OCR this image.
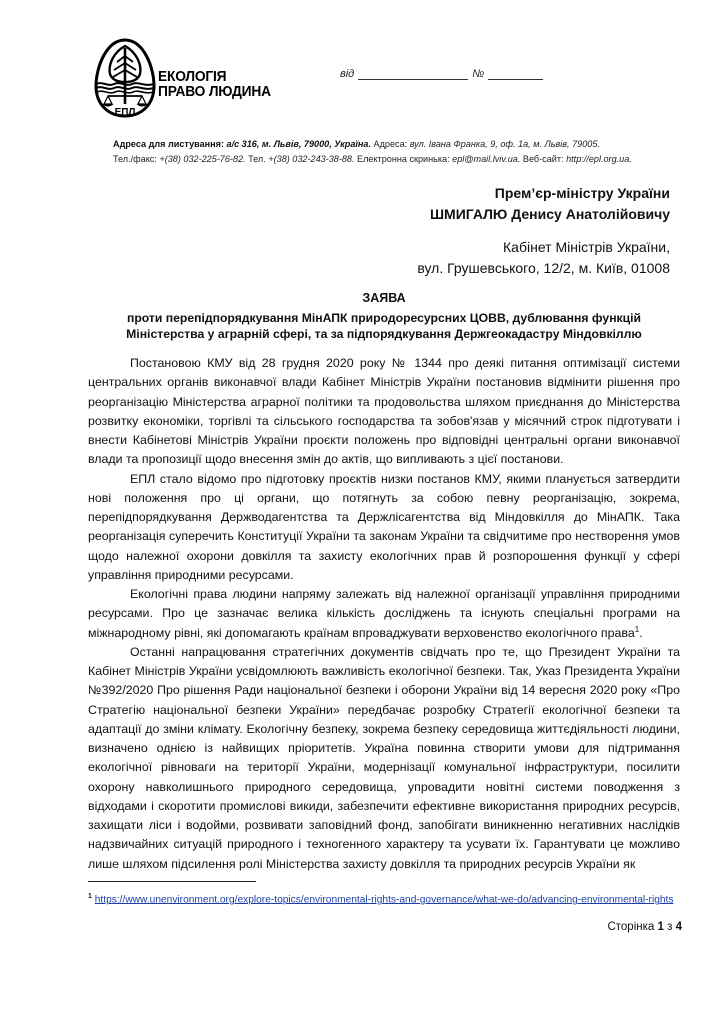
ЕПЛ
ЕКОЛОГІЯ
ПРАВО ЛЮДИНА
від	№
Адреса для листування: а/с 316, м. Львів, 79000, Україна. Адреса: вул. Івана Франка, 9, оф. 1а, м. Львів, 79005.
Тел./факс: +(38) 032-225-76-82. Тел. +(38) 032-243-38-88. Електронна скринька: epl@mail.lviv.ua. Веб-сайт: http://epl.org.ua.
Прем’єр-міністру України
ШМИГАЛЮ Денису Анатолійовичу
Кабінет Міністрів України,
вул. Грушевського, 12/2, м. Київ, 01008
ЗАЯВА
проти перепідпорядкування МінАПК природоресурсних ЦОВВ, дублювання функцій
Міністерства у аграрній сфері, та за підпорядкування Держгеокадастру Міндовкіллю

Постановою КМУ від 28 грудня 2020 року № 1344 про деякі питання оптимізації системи центральних органів виконавчої влади Кабінет Міністрів України постановив відмінити рішення про реорганізацію Міністерства аграрної політики та продовольства шляхом приєднання до Міністерства розвитку економіки, торгівлі та сільського господарства та зобов'язав у місячний строк підготувати і внести Кабінетові Міністрів України проєкти положень про відповідні центральні органи виконавчої влади та пропозиції щодо внесення змін до актів, що випливають з цієї постанови.

ЕПЛ стало відомо про підготовку проєктів низки постанов КМУ, якими планується затвердити нові положення про ці органи, що потягнуть за собою певну реорганізацію, зокрема, перепідпорядкування Держводагентства та Держлісагентства від Міндовкілля до МінАПК. Така реорганізація суперечить Конституції України та законам України та свідчитиме про нестворення умов щодо належної охорони довкілля та захисту екологічних прав й розпорошення функції у сфері управління природними ресурсами.

Екологічні права людини напряму залежать від належної організації управління природними ресурсами. Про це зазначає велика кількість досліджень та існують спеціальні програми на міжнародному рівні, які допомагають країнам впроваджувати верховенство екологічного права$^1$.

Останні напрацювання стратегічних документів свідчать про те, що Президент України та Кабінет Міністрів України усвідомлюють важливість екологічної безпеки. Так, Указ Президента України №392/2020 Про рішення Ради національної безпеки і оборони України від 14 вересня 2020 року «Про Стратегію національної безпеки України» передбачає розробку Стратегії екологічної безпеки та адаптації до зміни клімату. Екологічну безпеку, зокрема безпеку середовища життєдіяльності людини, визначено однією із найвищих пріоритетів. Україна повинна створити умови для підтримання екологічної рівноваги на території України, модернізації комунальної інфраструктури, посилити охорону навколишнього природного середовища, упровадити новітні системи поводження з відходами і скоротити промислові викиди, забезпечити ефективне використання природних ресурсів, захищати ліси і водойми, розвивати заповідний фонд, запобігати виникненню негативних наслідків надзвичайних ситуацій природного і техногенного характеру та усувати їх. Гарантувати це можливо лише шляхом підсилення ролі Міністерства захисту довкілля та природних ресурсів України як

$^1$ https://www.unenvironment.org/explore-topics/environmental-rights-and-governance/what-we-do/advancing-environmental-rights
Сторінка 1 з 4
